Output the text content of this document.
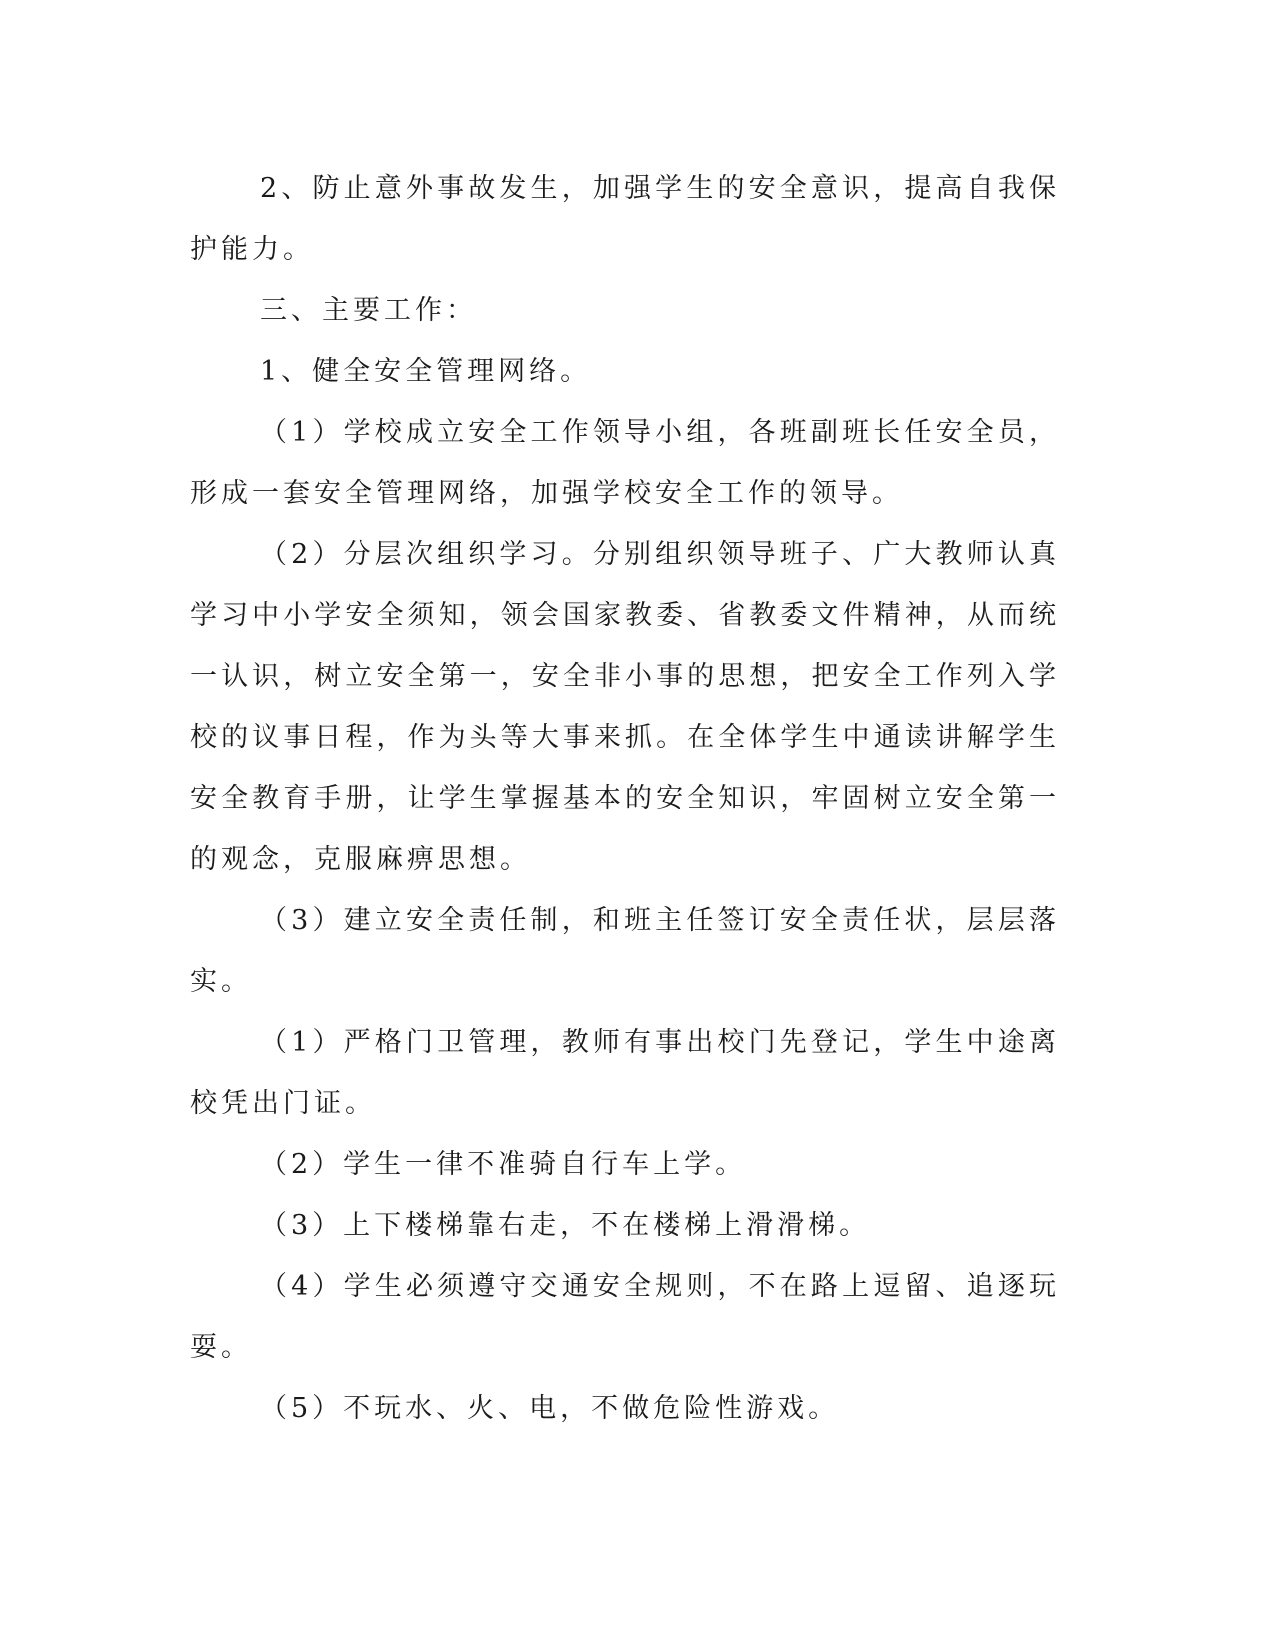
2、防止意外事故发生，加强学生的安全意识，提高自我保护能力。

三、主要工作：

1、健全安全管理网络。

（1）学校成立安全工作领导小组，各班副班长任安全员，形成一套安全管理网络，加强学校安全工作的领导。

（2）分层次组织学习。分别组织领导班子、广大教师认真学习中小学安全须知，领会国家教委、省教委文件精神，从而统一认识，树立安全第一，安全非小事的思想，把安全工作列入学校的议事日程，作为头等大事来抓。在全体学生中通读讲解学生安全教育手册，让学生掌握基本的安全知识，牢固树立安全第一的观念，克服麻痹思想。

（3）建立安全责任制，和班主任签订安全责任状，层层落实。

（1）严格门卫管理，教师有事出校门先登记，学生中途离校凭出门证。

（2）学生一律不准骑自行车上学。

（3）上下楼梯靠右走，不在楼梯上滑滑梯。

（4）学生必须遵守交通安全规则，不在路上逗留、追逐玩耍。

（5）不玩水、火、电，不做危险性游戏。
